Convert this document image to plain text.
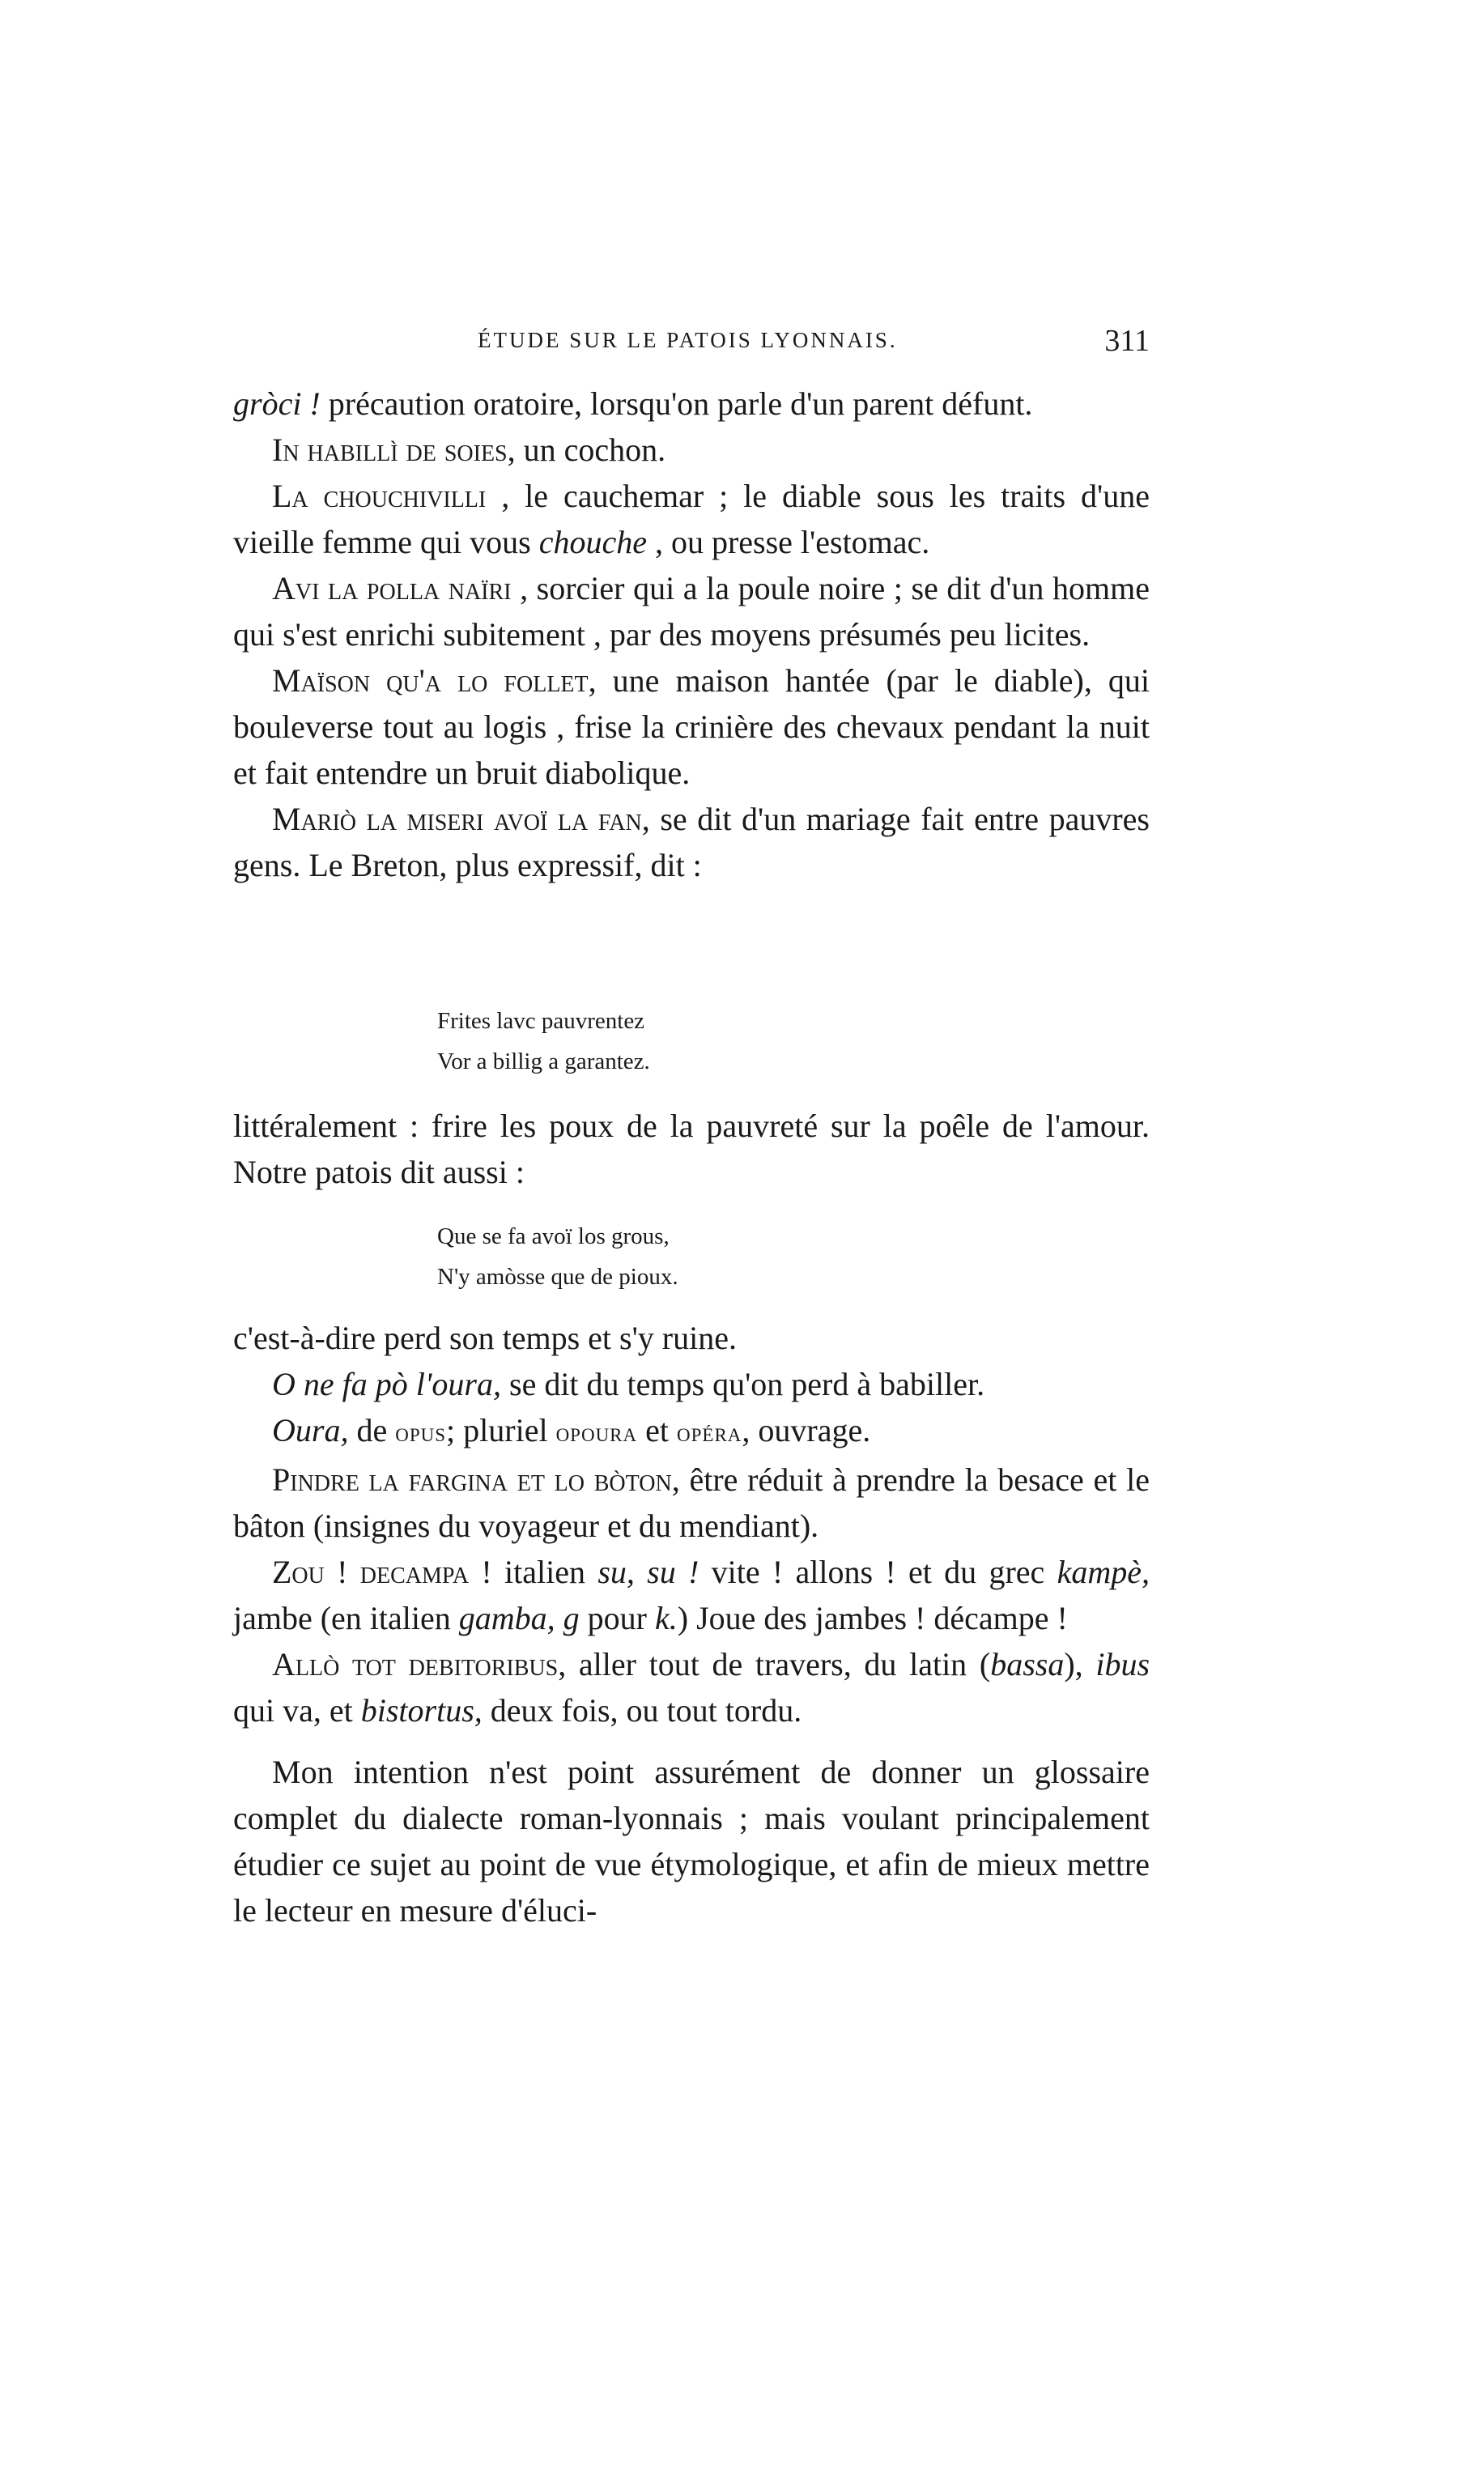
ÉTUDE SUR LE PATOIS LYONNAIS.	311

gròci ! précaution oratoire, lorsqu'on parle d'un parent défunt.

In habillì de soies, un cochon.

La chouchivilli , le cauchemar ; le diable sous les traits d'une vieille femme qui vous chouche , ou presse l'estomac.

Avi la polla naïri , sorcier qui a la poule noire ; se dit d'un homme qui s'est enrichi subitement , par des moyens présumés peu licites.

Maïson qu'a lo follet, une maison hantée (par le diable), qui bouleverse tout au logis , frise la crinière des chevaux pendant la nuit et fait entendre un bruit diabolique.

Mariò la miseri avoï la fan, se dit d'un mariage fait entre pauvres gens. Le Breton, plus expressif, dit :

Frites lavc pauvrentez
Vor a billig a garantez.

littéralement : frire les poux de la pauvreté sur la poêle de l'amour. Notre patois dit aussi :

Que se fa avoï los grous,
N'y amòsse que de pioux.

c'est-à-dire perd son temps et s'y ruine.

O ne fa pò l'oura, se dit du temps qu'on perd à babiller.

Oura, de opus; pluriel opoura et opéra, ouvrage.

Pindre la fargina et lo bòton, être réduit à prendre la besace et le bâton (insignes du voyageur et du mendiant).

Zou ! decampa ! italien su, su ! vite ! allons ! et du grec kampè, jambe (en italien gamba, g pour k.) Joue des jambes ! décampe !

Allò tot debitoribus, aller tout de travers, du latin (bassa), ibus qui va, et bistortus, deux fois, ou tout tordu.

Mon intention n'est point assurément de donner un glossaire complet du dialecte roman-lyonnais ; mais voulant principalement étudier ce sujet au point de vue étymologique, et afin de mieux mettre le lecteur en mesure d'éluci-
